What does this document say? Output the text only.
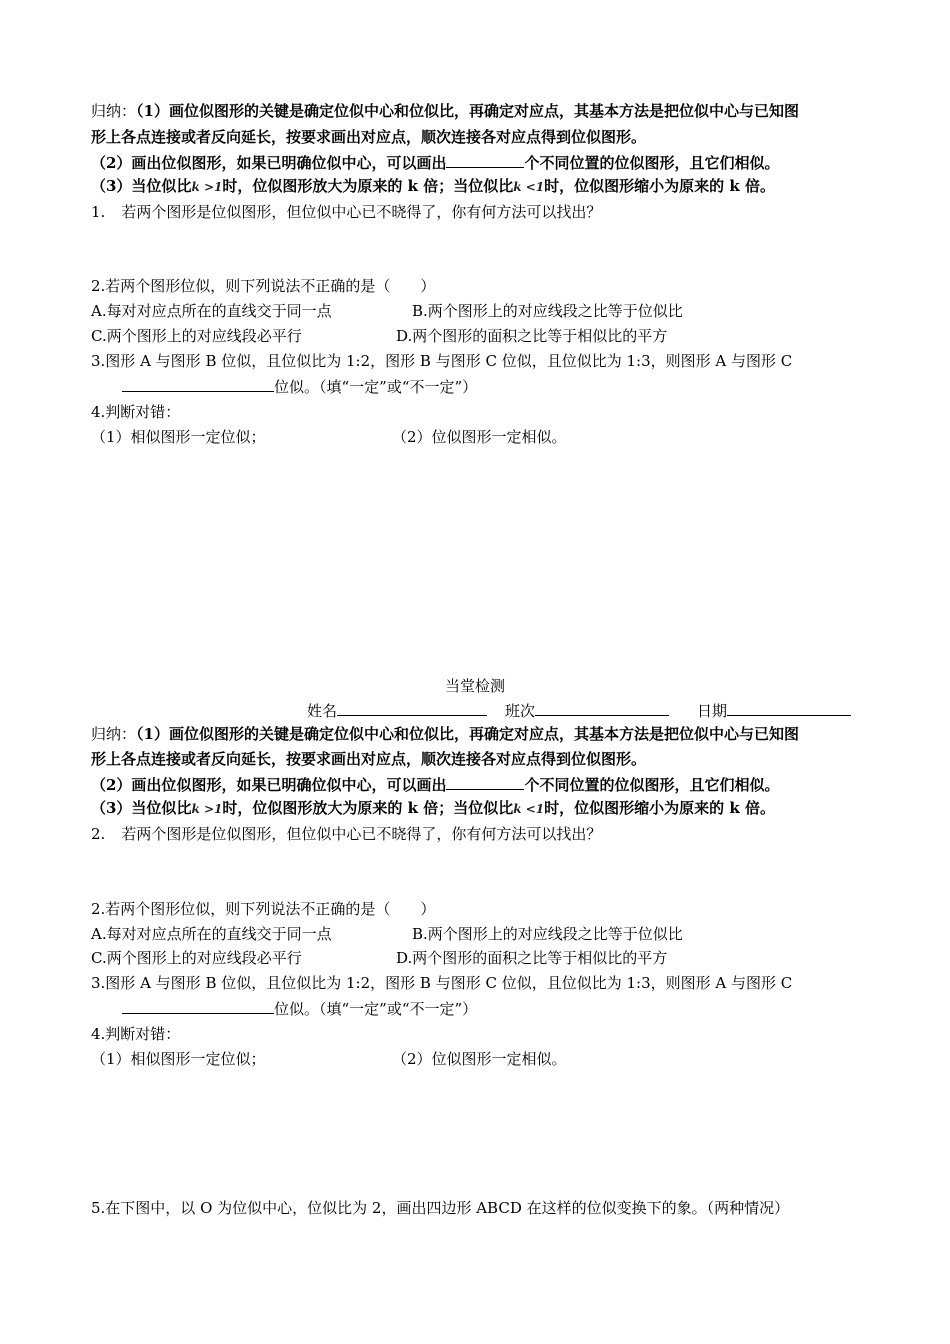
归纳：（1）画位似图形的关键是确定位似中心和位似比，再确定对应点，其基本方法是把位似中心与已知图
形上各点连接或者反向延长，按要求画出对应点，顺次连接各对应点得到位似图形。
（2）画出位似图形，如果已明确位似中心，可以画出	个不同位置的位似图形，且它们相似。
（3）当位似比k >1时，位似图形放大为原来的 k 倍；当位似比k <1时，位似图形缩小为原来的 k 倍。
1. 若两个图形是位似图形，但位似中心已不晓得了，你有何方法可以找出？
2.若两个图形位似，则下列说法不正确的是（　　）
A.每对对应点所在的直线交于同一点	B.两个图形上的对应线段之比等于位似比
C.两个图形上的对应线段必平行	D.两个图形的面积之比等于相似比的平方
3.图形 A 与图形 B 位似，且位似比为 1:2，图形 B 与图形 C 位似，且位似比为 1:3，则图形 A 与图形 C
位似。（填“一定”或“不一定”）
4.判断对错：
（1）相似图形一定位似；	（2）位似图形一定相似。
当堂检测
姓名	班次	日期
归纳：（1）画位似图形的关键是确定位似中心和位似比，再确定对应点，其基本方法是把位似中心与已知图
形上各点连接或者反向延长，按要求画出对应点，顺次连接各对应点得到位似图形。
（2）画出位似图形，如果已明确位似中心，可以画出	个不同位置的位似图形，且它们相似。
（3）当位似比k >1时，位似图形放大为原来的 k 倍；当位似比k <1时，位似图形缩小为原来的 k 倍。
2. 若两个图形是位似图形，但位似中心已不晓得了，你有何方法可以找出？
2.若两个图形位似，则下列说法不正确的是（　　）
A.每对对应点所在的直线交于同一点	B.两个图形上的对应线段之比等于位似比
C.两个图形上的对应线段必平行	D.两个图形的面积之比等于相似比的平方
3.图形 A 与图形 B 位似，且位似比为 1:2，图形 B 与图形 C 位似，且位似比为 1:3，则图形 A 与图形 C
位似。（填“一定”或“不一定”）
4.判断对错：
（1）相似图形一定位似；	（2）位似图形一定相似。
5.在下图中，以 O 为位似中心，位似比为 2，画出四边形 ABCD 在这样的位似变换下的象。（两种情况）
